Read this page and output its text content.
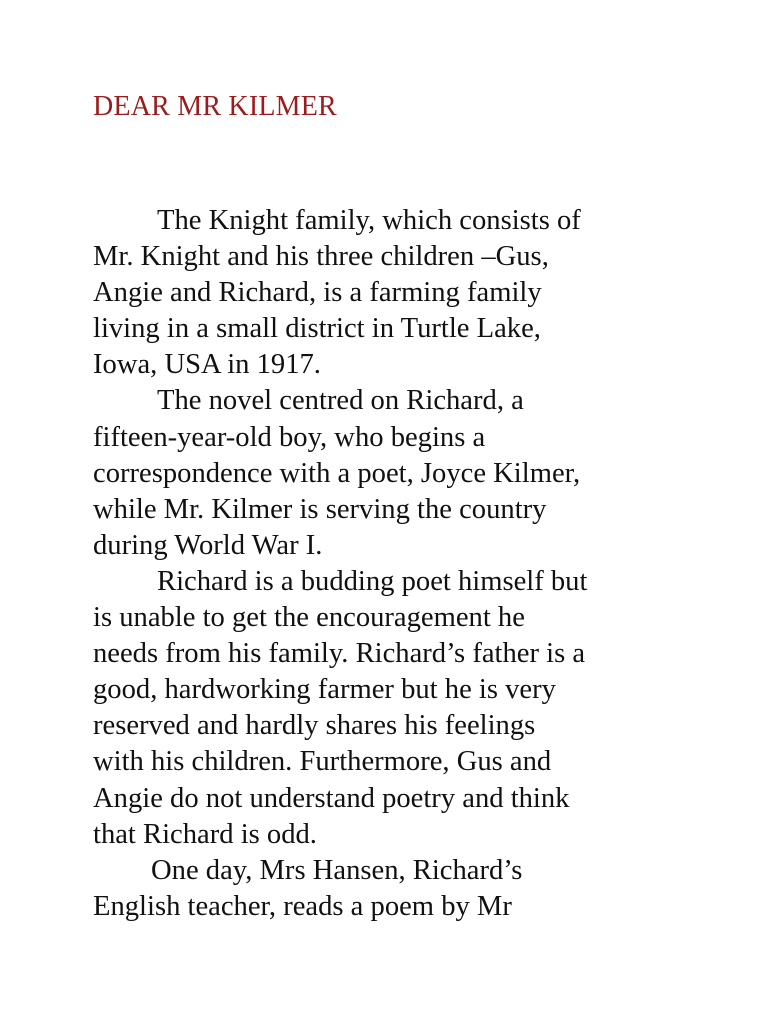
DEAR MR KILMER
The Knight family, which consists of
Mr. Knight and his three children –Gus,
Angie and Richard, is a farming family
living in a small district in Turtle Lake,
Iowa, USA in 1917.
The novel centred on Richard, a
fifteen-year-old boy, who begins a
correspondence with a poet, Joyce Kilmer,
while Mr. Kilmer is serving the country
during World War I.
Richard is a budding poet himself but
is unable to get the encouragement he
needs from his family. Richard’s father is a
good, hardworking farmer but he is very
reserved and hardly shares his feelings
with his children. Furthermore, Gus and
Angie do not understand poetry and think
that Richard is odd.
One day, Mrs Hansen, Richard’s
English teacher, reads a poem by Mr
